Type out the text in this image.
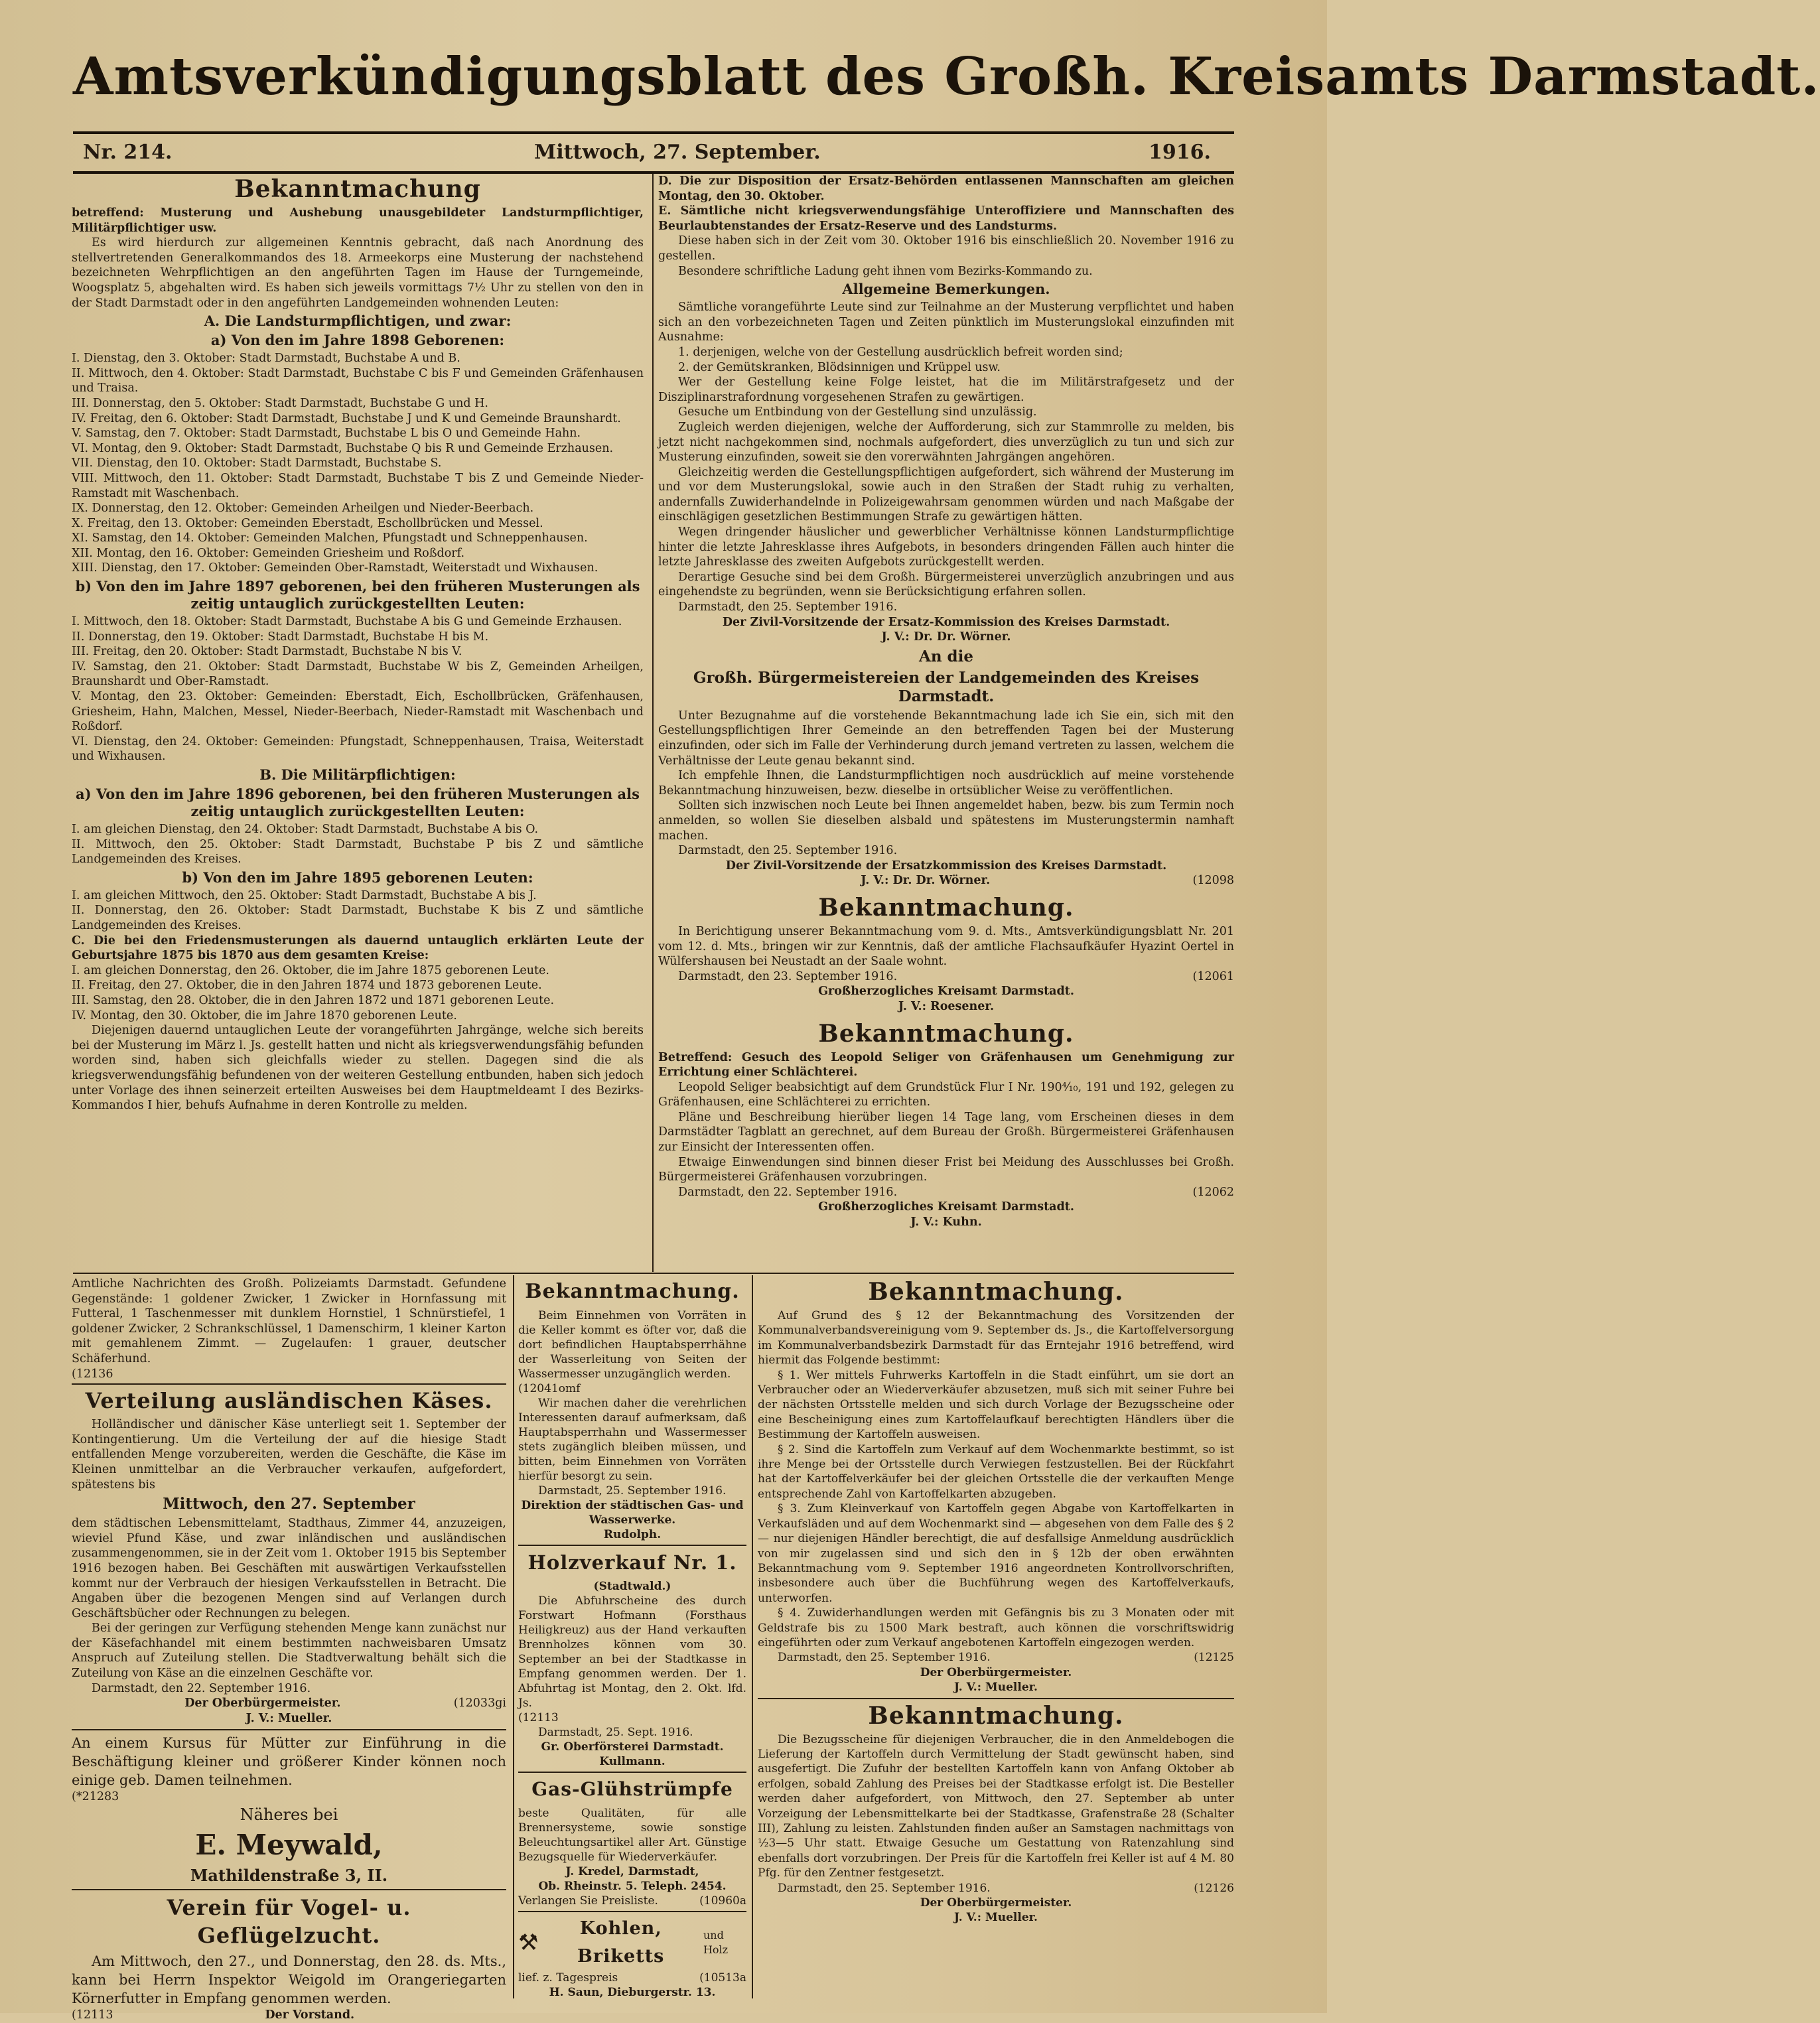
Amtsverkündigungsblatt des Großh. Kreisamts Darmstadt.
Nr. 214.	Mittwoch, 27. September.	1916.
Bekanntmachung

betreffend: Musterung und Aushebung unausgebildeter Landsturmpflichtiger, Militärpflichtiger usw.

Es wird hierdurch zur allgemeinen Kenntnis gebracht, daß nach Anordnung des stellvertretenden Generalkommandos des 18. Armeekorps eine Musterung der nachstehend bezeichneten Wehrpflichtigen an den angeführten Tagen im Hause der Turngemeinde, Woogsplatz 5, abgehalten wird. Es haben sich jeweils vormittags 7½ Uhr zu stellen von den in der Stadt Darmstadt oder in den angeführten Landgemeinden wohnenden Leuten:

A. Die Landsturmpflichtigen, und zwar:
a) Von den im Jahre 1898 Geborenen:

I. Dienstag, den 3. Oktober: Stadt Darmstadt, Buchstabe A und B.

II. Mittwoch, den 4. Oktober: Stadt Darmstadt, Buchstabe C bis F und Gemeinden Gräfenhausen und Traisa.

III. Donnerstag, den 5. Oktober: Stadt Darmstadt, Buchstabe G und H.

IV. Freitag, den 6. Oktober: Stadt Darmstadt, Buchstabe J und K und Gemeinde Braunshardt.

V. Samstag, den 7. Oktober: Stadt Darmstadt, Buchstabe L bis O und Gemeinde Hahn.

VI. Montag, den 9. Oktober: Stadt Darmstadt, Buchstabe Q bis R und Gemeinde Erzhausen.

VII. Dienstag, den 10. Oktober: Stadt Darmstadt, Buchstabe S.

VIII. Mittwoch, den 11. Oktober: Stadt Darmstadt, Buchstabe T bis Z und Gemeinde Nieder-Ramstadt mit Waschenbach.

IX. Donnerstag, den 12. Oktober: Gemeinden Arheilgen und Nieder-Beerbach.

X. Freitag, den 13. Oktober: Gemeinden Eberstadt, Eschollbrücken und Messel.

XI. Samstag, den 14. Oktober: Gemeinden Malchen, Pfungstadt und Schneppenhausen.

XII. Montag, den 16. Oktober: Gemeinden Griesheim und Roßdorf.

XIII. Dienstag, den 17. Oktober: Gemeinden Ober-Ramstadt, Weiterstadt und Wixhausen.

b) Von den im Jahre 1897 geborenen, bei den früheren Musterungen als zeitig untauglich zurückgestellten Leuten:

I. Mittwoch, den 18. Oktober: Stadt Darmstadt, Buchstabe A bis G und Gemeinde Erzhausen.

II. Donnerstag, den 19. Oktober: Stadt Darmstadt, Buchstabe H bis M.

III. Freitag, den 20. Oktober: Stadt Darmstadt, Buchstabe N bis V.

IV. Samstag, den 21. Oktober: Stadt Darmstadt, Buchstabe W bis Z, Gemeinden Arheilgen, Braunshardt und Ober-Ramstadt.

V. Montag, den 23. Oktober: Gemeinden: Eberstadt, Eich, Eschollbrücken, Gräfenhausen, Griesheim, Hahn, Malchen, Messel, Nieder-Beerbach, Nieder-Ramstadt mit Waschenbach und Roßdorf.

VI. Dienstag, den 24. Oktober: Gemeinden: Pfungstadt, Schneppenhausen, Traisa, Weiterstadt und Wixhausen.

B. Die Militärpflichtigen:
a) Von den im Jahre 1896 geborenen, bei den früheren Musterungen als zeitig untauglich zurückgestellten Leuten:

I. am gleichen Dienstag, den 24. Oktober: Stadt Darmstadt, Buchstabe A bis O.

II. Mittwoch, den 25. Oktober: Stadt Darmstadt, Buchstabe P bis Z und sämtliche Landgemeinden des Kreises.

b) Von den im Jahre 1895 geborenen Leuten:

I. am gleichen Mittwoch, den 25. Oktober: Stadt Darmstadt, Buchstabe A bis J.

II. Donnerstag, den 26. Oktober: Stadt Darmstadt, Buchstabe K bis Z und sämtliche Landgemeinden des Kreises.

C. Die bei den Friedensmusterungen als dauernd untauglich erklärten Leute der Geburtsjahre 1875 bis 1870 aus dem gesamten Kreise:

I. am gleichen Donnerstag, den 26. Oktober, die im Jahre 1875 geborenen Leute.

II. Freitag, den 27. Oktober, die in den Jahren 1874 und 1873 geborenen Leute.

III. Samstag, den 28. Oktober, die in den Jahren 1872 und 1871 geborenen Leute.

IV. Montag, den 30. Oktober, die im Jahre 1870 geborenen Leute.

Diejenigen dauernd untauglichen Leute der vorangeführten Jahrgänge, welche sich bereits bei der Musterung im März l. Js. gestellt hatten und nicht als kriegsverwendungsfähig befunden worden sind, haben sich gleichfalls wieder zu stellen. Dagegen sind die als kriegsverwendungsfähig befundenen von der weiteren Gestellung entbunden, haben sich jedoch unter Vorlage des ihnen seinerzeit erteilten Ausweises bei dem Hauptmeldeamt I des Bezirks-Kommandos I hier, behufs Aufnahme in deren Kontrolle zu melden.

D. Die zur Disposition der Ersatz-Behörden entlassenen Mannschaften am gleichen Montag, den 30. Oktober.

E. Sämtliche nicht kriegsverwendungsfähige Unteroffiziere und Mannschaften des Beurlaubtenstandes der Ersatz-Reserve und des Landsturms.

Diese haben sich in der Zeit vom 30. Oktober 1916 bis einschließlich 20. November 1916 zu gestellen.

Besondere schriftliche Ladung geht ihnen vom Bezirks-Kommando zu.

Allgemeine Bemerkungen.

Sämtliche vorangeführte Leute sind zur Teilnahme an der Musterung verpflichtet und haben sich an den vorbezeichneten Tagen und Zeiten pünktlich im Musterungslokal einzufinden mit Ausnahme:

1. derjenigen, welche von der Gestellung ausdrücklich befreit worden sind;

2. der Gemütskranken, Blödsinnigen und Krüppel usw.

Wer der Gestellung keine Folge leistet, hat die im Militärstrafgesetz und der Disziplinarstrafordnung vorgesehenen Strafen zu gewärtigen.

Gesuche um Entbindung von der Gestellung sind unzulässig.

Zugleich werden diejenigen, welche der Aufforderung, sich zur Stammrolle zu melden, bis jetzt nicht nachgekommen sind, nochmals aufgefordert, dies unverzüglich zu tun und sich zur Musterung einzufinden, soweit sie den vorerwähnten Jahrgängen angehören.

Gleichzeitig werden die Gestellungspflichtigen aufgefordert, sich während der Musterung im und vor dem Musterungslokal, sowie auch in den Straßen der Stadt ruhig zu verhalten, andernfalls Zuwiderhandelnde in Polizeigewahrsam genommen würden und nach Maßgabe der einschlägigen gesetzlichen Bestimmungen Strafe zu gewärtigen hätten.

Wegen dringender häuslicher und gewerblicher Verhältnisse können Landsturmpflichtige hinter die letzte Jahresklasse ihres Aufgebots, in besonders dringenden Fällen auch hinter die letzte Jahresklasse des zweiten Aufgebots zurückgestellt werden.

Derartige Gesuche sind bei dem Großh. Bürgermeisterei unverzüglich anzubringen und aus eingehendste zu begründen, wenn sie Berücksichtigung erfahren sollen.

Darmstadt, den 25. September 1916.

Der Zivil-Vorsitzende der Ersatz-Kommission des Kreises Darmstadt.
J. V.: Dr. Dr. Wörner.
An die
Großh. Bürgermeistereien der Landgemeinden des Kreises Darmstadt.

Unter Bezugnahme auf die vorstehende Bekanntmachung lade ich Sie ein, sich mit den Gestellungspflichtigen Ihrer Gemeinde an den betreffenden Tagen bei der Musterung einzufinden, oder sich im Falle der Verhinderung durch jemand vertreten zu lassen, welchem die Verhältnisse der Leute genau bekannt sind.

Ich empfehle Ihnen, die Landsturmpflichtigen noch ausdrücklich auf meine vorstehende Bekanntmachung hinzuweisen, bezw. dieselbe in ortsüblicher Weise zu veröffentlichen.

Sollten sich inzwischen noch Leute bei Ihnen angemeldet haben, bezw. bis zum Termin noch anmelden, so wollen Sie dieselben alsbald und spätestens im Musterungstermin namhaft machen.

Darmstadt, den 25. September 1916.

Der Zivil-Vorsitzende der Ersatzkommission des Kreises Darmstadt.
J. V.: Dr. Dr. Wörner.	(12098
Bekanntmachung.

In Berichtigung unserer Bekanntmachung vom 9. d. Mts., Amtsverkündigungsblatt Nr. 201 vom 12. d. Mts., bringen wir zur Kenntnis, daß der amtliche Flachsaufkäufer Hyazint Oertel in Wülfershausen bei Neustadt an der Saale wohnt.

Darmstadt, den 23. September 1916.	(12061

Großherzogliches Kreisamt Darmstadt.
J. V.: Roesener.
Bekanntmachung.

Betreffend: Gesuch des Leopold Seliger von Gräfenhausen um Genehmigung zur Errichtung einer Schlächterei.

Leopold Seliger beabsichtigt auf dem Grundstück Flur I Nr. 190⁴⁄₁₀, 191 und 192, gelegen zu Gräfenhausen, eine Schlächterei zu errichten.

Pläne und Beschreibung hierüber liegen 14 Tage lang, vom Erscheinen dieses in dem Darmstädter Tagblatt an gerechnet, auf dem Bureau der Großh. Bürgermeisterei Gräfenhausen zur Einsicht der Interessenten offen.

Etwaige Einwendungen sind binnen dieser Frist bei Meidung des Ausschlusses bei Großh. Bürgermeisterei Gräfenhausen vorzubringen.

Darmstadt, den 22. September 1916.	(12062

Großherzogliches Kreisamt Darmstadt.
J. V.: Kuhn.

Amtliche Nachrichten des Großh. Polizeiamts Darmstadt. Gefundene Gegenstände: 1 goldener Zwicker, 1 Zwicker in Hornfassung mit Futteral, 1 Taschenmesser mit dunklem Hornstiel, 1 Schnürstiefel, 1 goldener Zwicker, 2 Schrankschlüssel, 1 Damenschirm, 1 kleiner Karton mit gemahlenem Zimmt. — Zugelaufen: 1 grauer, deutscher Schäferhund.

(12136

Verteilung ausländischen Käses.

Holländischer und dänischer Käse unterliegt seit 1. September der Kontingentierung. Um die Verteilung der auf die hiesige Stadt entfallenden Menge vorzubereiten, werden die Geschäfte, die Käse im Kleinen unmittelbar an die Verbraucher verkaufen, aufgefordert, spätestens bis

Mittwoch, den 27. September

dem städtischen Lebensmittelamt, Stadthaus, Zimmer 44, anzuzeigen, wieviel Pfund Käse, und zwar inländischen und ausländischen zusammengenommen, sie in der Zeit vom 1. Oktober 1915 bis September 1916 bezogen haben. Bei Geschäften mit auswärtigen Verkaufsstellen kommt nur der Verbrauch der hiesigen Verkaufsstellen in Betracht. Die Angaben über die bezogenen Mengen sind auf Verlangen durch Geschäftsbücher oder Rechnungen zu belegen.

Bei der geringen zur Verfügung stehenden Menge kann zunächst nur der Käsefachhandel mit einem bestimmten nachweisbaren Umsatz Anspruch auf Zuteilung stellen. Die Stadtverwaltung behält sich die Zuteilung von Käse an die einzelnen Geschäfte vor.

Darmstadt, den 22. September 1916.

Der Oberbürgermeister.	(12033gi
J. V.: Mueller.

An einem Kursus für Mütter zur Einführung in die Beschäftigung kleiner und größerer Kinder können noch einige geb. Damen teilnehmen.

(*21283

Näheres bei
E. Meywald,
Mathildenstraße 3, II.
Verein für Vogel- u. Geflügelzucht.

Am Mittwoch, den 27., und Donnerstag, den 28. ds. Mts., kann bei Herrn Inspektor Weigold im Orangeriegarten Körnerfutter in Empfang genommen werden.

(12113	Der Vorstand.
Bekanntmachung.

Beim Einnehmen von Vorräten in die Keller kommt es öfter vor, daß die dort befindlichen Hauptabsperrhähne der Wasserleitung von Seiten der Wassermesser unzugänglich werden.

(12041omf

Wir machen daher die verehrlichen Interessenten darauf aufmerksam, daß Hauptabsperrhahn und Wassermesser stets zugänglich bleiben müssen, und bitten, beim Einnehmen von Vorräten hierfür besorgt zu sein.

Darmstadt, 25. September 1916.

Direktion der städtischen Gas- und Wasserwerke.
Rudolph.
Holzverkauf Nr. 1.
(Stadtwald.)

Die Abfuhrscheine des durch Forstwart Hofmann (Forsthaus Heiligkreuz) aus der Hand verkauften Brennholzes können vom 30. September an bei der Stadtkasse in Empfang genommen werden. Der 1. Abfuhrtag ist Montag, den 2. Okt. lfd. Js.

(12113

Darmstadt, 25. Sept. 1916.

Gr. Oberförsterei Darmstadt.
Kullmann.
Gas-Glühstrümpfe

beste Qualitäten, für alle Brennersysteme, sowie sonstige Beleuchtungsartikel aller Art. Günstige Bezugsquelle für Wiederverkäufer.

J. Kredel, Darmstadt,
Ob. Rheinstr. 5. Teleph. 2454.

Verlangen Sie Preisliste.	(10960a

⚒
Kohlen, Briketts
und Holz

lief. z. Tagespreis	(10513a

H. Saun, Dieburgerstr. 13.
Bekanntmachung.

Auf Grund des § 12 der Bekanntmachung des Vorsitzenden der Kommunalverbandsvereinigung vom 9. September ds. Js., die Kartoffelversorgung im Kommunalverbandsbezirk Darmstadt für das Erntejahr 1916 betreffend, wird hiermit das Folgende bestimmt:

§ 1. Wer mittels Fuhrwerks Kartoffeln in die Stadt einführt, um sie dort an Verbraucher oder an Wiederverkäufer abzusetzen, muß sich mit seiner Fuhre bei der nächsten Ortsstelle melden und sich durch Vorlage der Bezugsscheine oder eine Bescheinigung eines zum Kartoffelaufkauf berechtigten Händlers über die Bestimmung der Kartoffeln ausweisen.

§ 2. Sind die Kartoffeln zum Verkauf auf dem Wochenmarkte bestimmt, so ist ihre Menge bei der Ortsstelle durch Verwiegen festzustellen. Bei der Rückfahrt hat der Kartoffelverkäufer bei der gleichen Ortsstelle die der verkauften Menge entsprechende Zahl von Kartoffelkarten abzugeben.

§ 3. Zum Kleinverkauf von Kartoffeln gegen Abgabe von Kartoffelkarten in Verkaufsläden und auf dem Wochenmarkt sind — abgesehen von dem Falle des § 2 — nur diejenigen Händler berechtigt, die auf desfallsige Anmeldung ausdrücklich von mir zugelassen sind und sich den in § 12b der oben erwähnten Bekanntmachung vom 9. September 1916 angeordneten Kontrollvorschriften, insbesondere auch über die Buchführung wegen des Kartoffelverkaufs, unterworfen.

§ 4. Zuwiderhandlungen werden mit Gefängnis bis zu 3 Monaten oder mit Geldstrafe bis zu 1500 Mark bestraft, auch können die vorschriftswidrig eingeführten oder zum Verkauf angebotenen Kartoffeln eingezogen werden.

Darmstadt, den 25. September 1916.	(12125

Der Oberbürgermeister.
J. V.: Mueller.
Bekanntmachung.

Die Bezugsscheine für diejenigen Verbraucher, die in den Anmeldebogen die Lieferung der Kartoffeln durch Vermittelung der Stadt gewünscht haben, sind ausgefertigt. Die Zufuhr der bestellten Kartoffeln kann von Anfang Oktober ab erfolgen, sobald Zahlung des Preises bei der Stadtkasse erfolgt ist. Die Besteller werden daher aufgefordert, von Mittwoch, den 27. September ab unter Vorzeigung der Lebensmittelkarte bei der Stadtkasse, Grafenstraße 28 (Schalter III), Zahlung zu leisten. Zahlstunden finden außer an Samstagen nachmittags von ½3—5 Uhr statt. Etwaige Gesuche um Gestattung von Ratenzahlung sind ebenfalls dort vorzubringen. Der Preis für die Kartoffeln frei Keller ist auf 4 M. 80 Pfg. für den Zentner festgesetzt.

Darmstadt, den 25. September 1916.	(12126

Der Oberbürgermeister.
J. V.: Mueller.
